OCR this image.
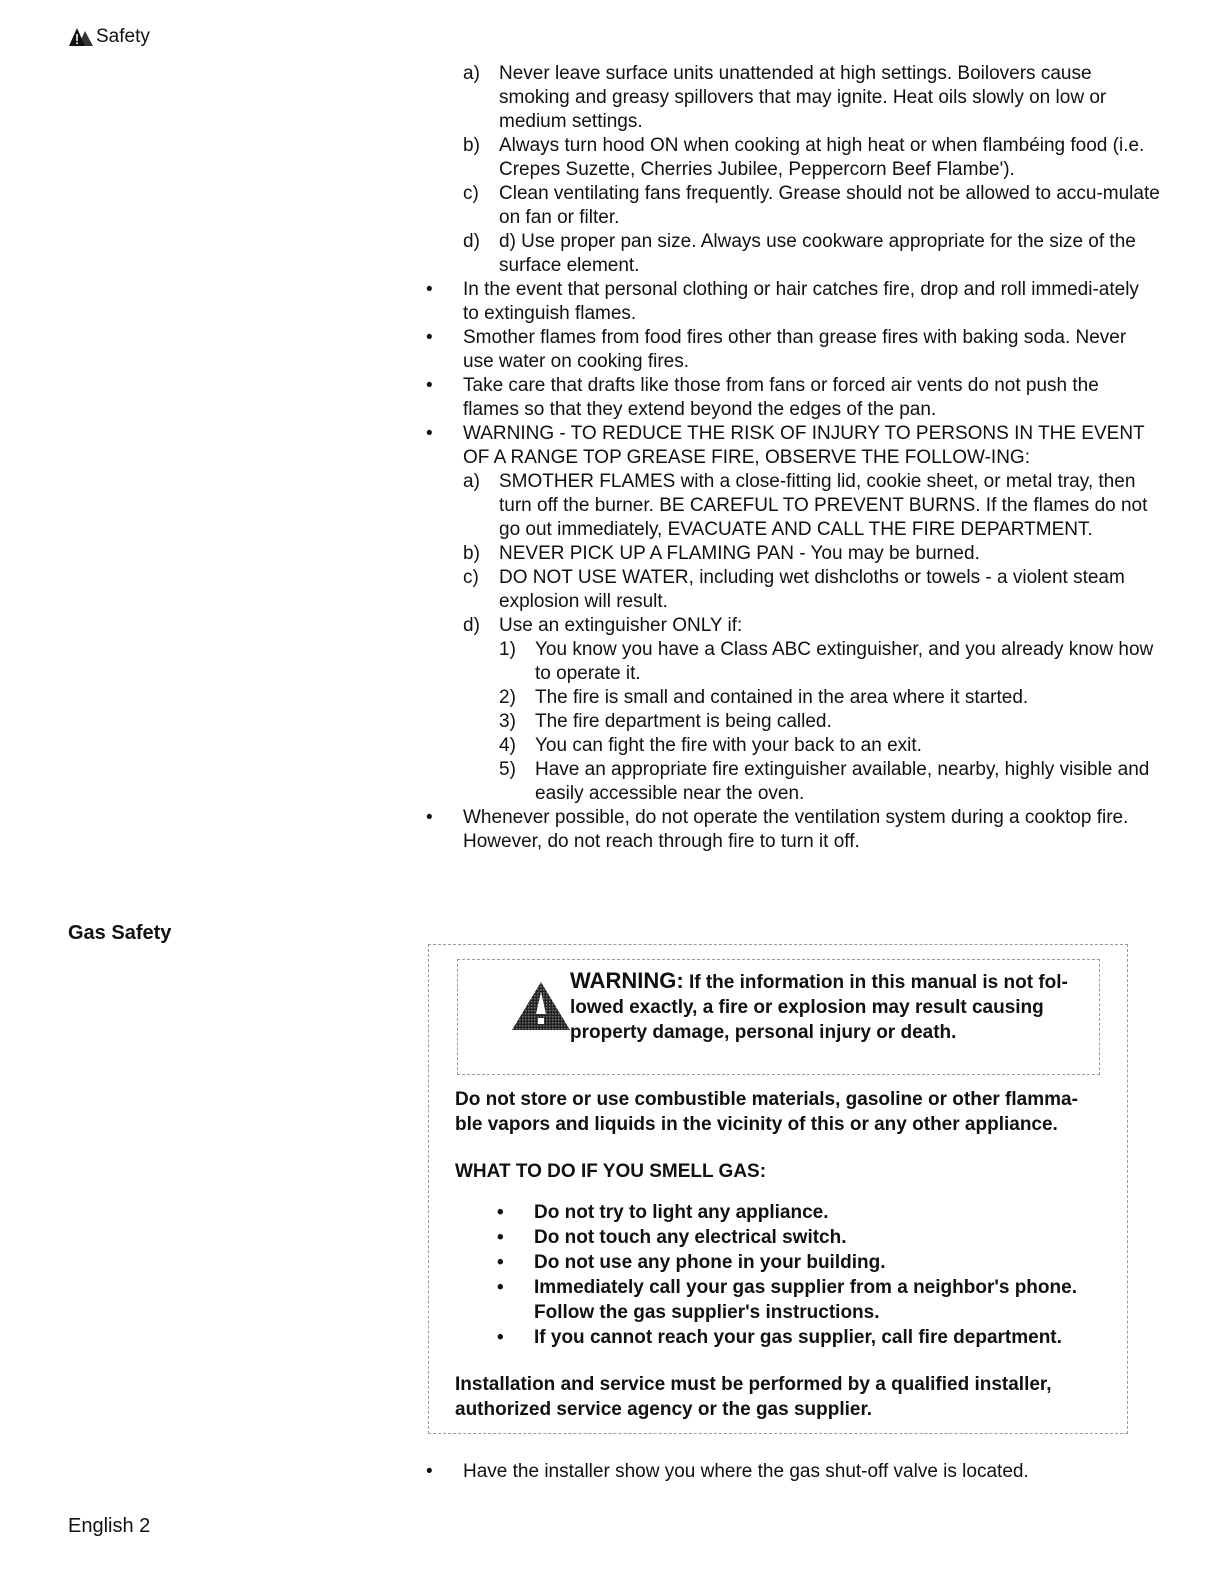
Safety
a) Never leave surface units unattended at high settings. Boilovers cause smoking and greasy spillovers that may ignite. Heat oils slowly on low or medium settings.
b) Always turn hood ON when cooking at high heat or when flambéing food (i.e. Crepes Suzette, Cherries Jubilee, Peppercorn Beef Flambe').
c) Clean ventilating fans frequently. Grease should not be allowed to accu-mulate on fan or filter.
d) d) Use proper pan size. Always use cookware appropriate for the size of the surface element.
• In the event that personal clothing or hair catches fire, drop and roll immedi-ately to extinguish flames.
• Smother flames from food fires other than grease fires with baking soda. Never use water on cooking fires.
• Take care that drafts like those from fans or forced air vents do not push the flames so that they extend beyond the edges of the pan.
• WARNING - TO REDUCE THE RISK OF INJURY TO PERSONS IN THE EVENT OF A RANGE TOP GREASE FIRE, OBSERVE THE FOLLOW-ING:
a) SMOTHER FLAMES with a close-fitting lid, cookie sheet, or metal tray, then turn off the burner. BE CAREFUL TO PREVENT BURNS. If the flames do not go out immediately, EVACUATE AND CALL THE FIRE DEPARTMENT.
b) NEVER PICK UP A FLAMING PAN - You may be burned.
c) DO NOT USE WATER, including wet dishcloths or towels - a violent steam explosion will result.
d) Use an extinguisher ONLY if:
1) You know you have a Class ABC extinguisher, and you already know how to operate it.
2) The fire is small and contained in the area where it started.
3) The fire department is being called.
4) You can fight the fire with your back to an exit.
5) Have an appropriate fire extinguisher available, nearby, highly visible and easily accessible near the oven.
• Whenever possible, do not operate the ventilation system during a cooktop fire. However, do not reach through fire to turn it off.
Gas Safety
WARNING: If the information in this manual is not fol-lowed exactly, a fire or explosion may result causing property damage, personal injury or death.

Do not store or use combustible materials, gasoline or other flamma-ble vapors and liquids in the vicinity of this or any other appliance.

WHAT TO DO IF YOU SMELL GAS:

• Do not try to light any appliance.
• Do not touch any electrical switch.
• Do not use any phone in your building.
• Immediately call your gas supplier from a neighbor's phone. Follow the gas supplier's instructions.
• If you cannot reach your gas supplier, call fire department.

Installation and service must be performed by a qualified installer, authorized service agency or the gas supplier.

• Have the installer show you where the gas shut-off valve is located.
English 2
